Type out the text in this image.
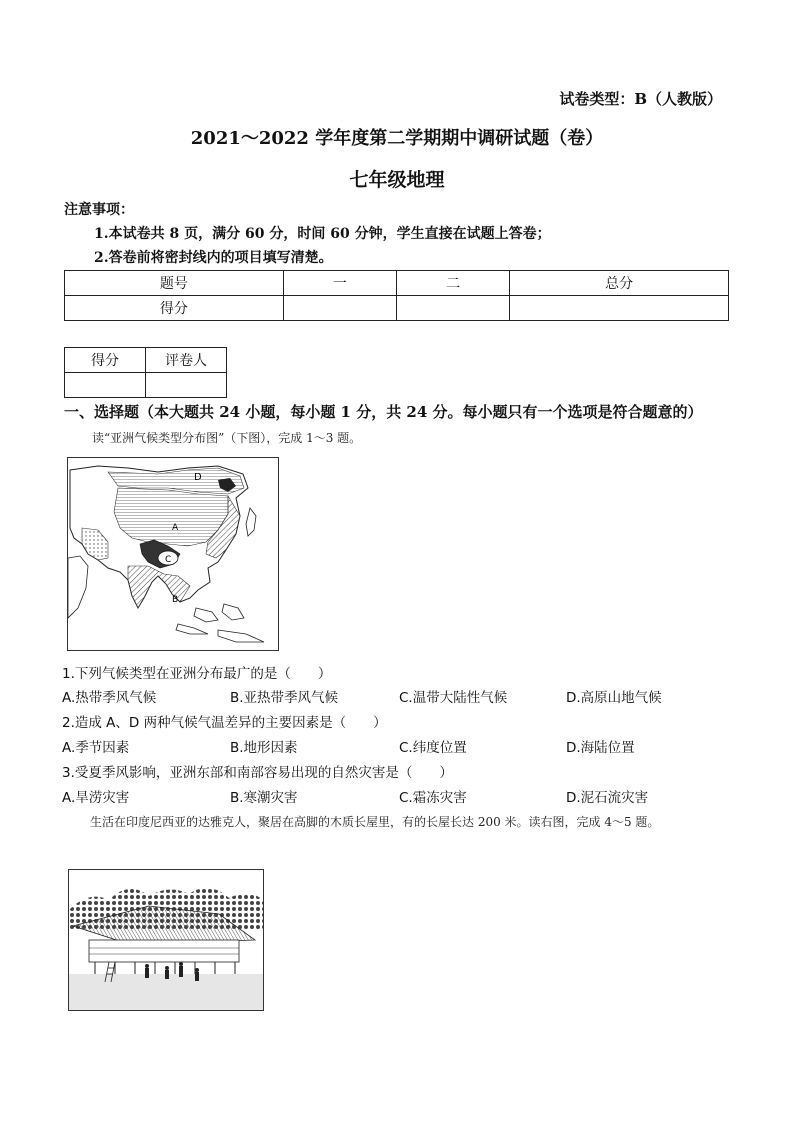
试卷类型：B（人教版）
2021～2022 学年度第二学期期中调研试题（卷）
七年级地理
注意事项：
1.本试卷共 8 页，满分 60 分，时间 60 分钟，学生直接在试题上答卷；
2.答卷前将密封线内的项目填写清楚。
题号	一	二	总分
得分			
得分	评卷人

一、选择题（本大题共 24 小题，每小题 1 分，共 24 分。每小题只有一个选项是符合题意的）
读“亚洲气候类型分布图”（下图），完成 1～3 题。
D
A
C
B
1.下列气候类型在亚洲分布最广的是（　　）
A.热带季风气候	B.亚热带季风气候	C.温带大陆性气候	D.高原山地气候
2.造成 A、D 两种气候气温差异的主要因素是（　　）
A.季节因素	B.地形因素	C.纬度位置	D.海陆位置
3.受夏季风影响，亚洲东部和南部容易出现的自然灾害是（　　）
A.旱涝灾害	B.寒潮灾害	C.霜冻灾害	D.泥石流灾害
生活在印度尼西亚的达雅克人，聚居在高脚的木质长屋里，有的长屋长达 200 米。读右图，完成 4～5 题。
